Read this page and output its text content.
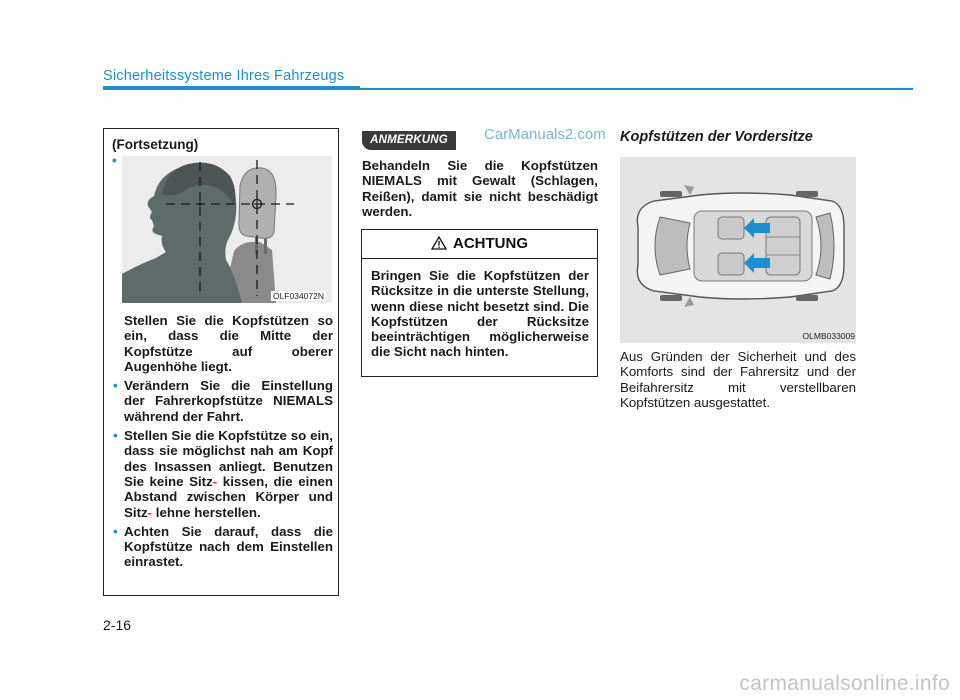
Sicherheitssysteme Ihres Fahrzeugs
(Fortsetzung)
•
OLF034072N

Stellen Sie die Kopfstützen so ein, dass die Mitte der Kopfstütze auf oberer Augenhöhe liegt.

• Verändern Sie die Einstellung der Fahrerkopfstütze NIEMALS während der Fahrt.

• Stellen Sie die Kopfstütze so ein, dass sie möglichst nah am Kopf des Insassen anliegt. Benutzen Sie keine Sitz- kissen, die einen Abstand zwischen Körper und Sitz- lehne herstellen.

• Achten Sie darauf, dass die Kopfstütze nach dem Einstellen einrastet.

ANMERKUNG	CarManuals2.com

Behandeln Sie die Kopfstützen NIEMALS mit Gewalt (Schlagen, Reißen), damit sie nicht beschädigt werden.

ACHTUNG

Bringen Sie die Kopfstützen der Rücksitze in die unterste Stellung, wenn diese nicht besetzt sind. Die Kopfstützen der Rücksitze beeinträchtigen möglicherweise die Sicht nach hinten.

Kopfstützen der Vordersitze
OLMB033009

Aus Gründen der Sicherheit und des Komforts sind der Fahrersitz und der Beifahrersitz mit verstellbaren Kopfstützen ausgestattet.

2-16
carmanualsonline.info
